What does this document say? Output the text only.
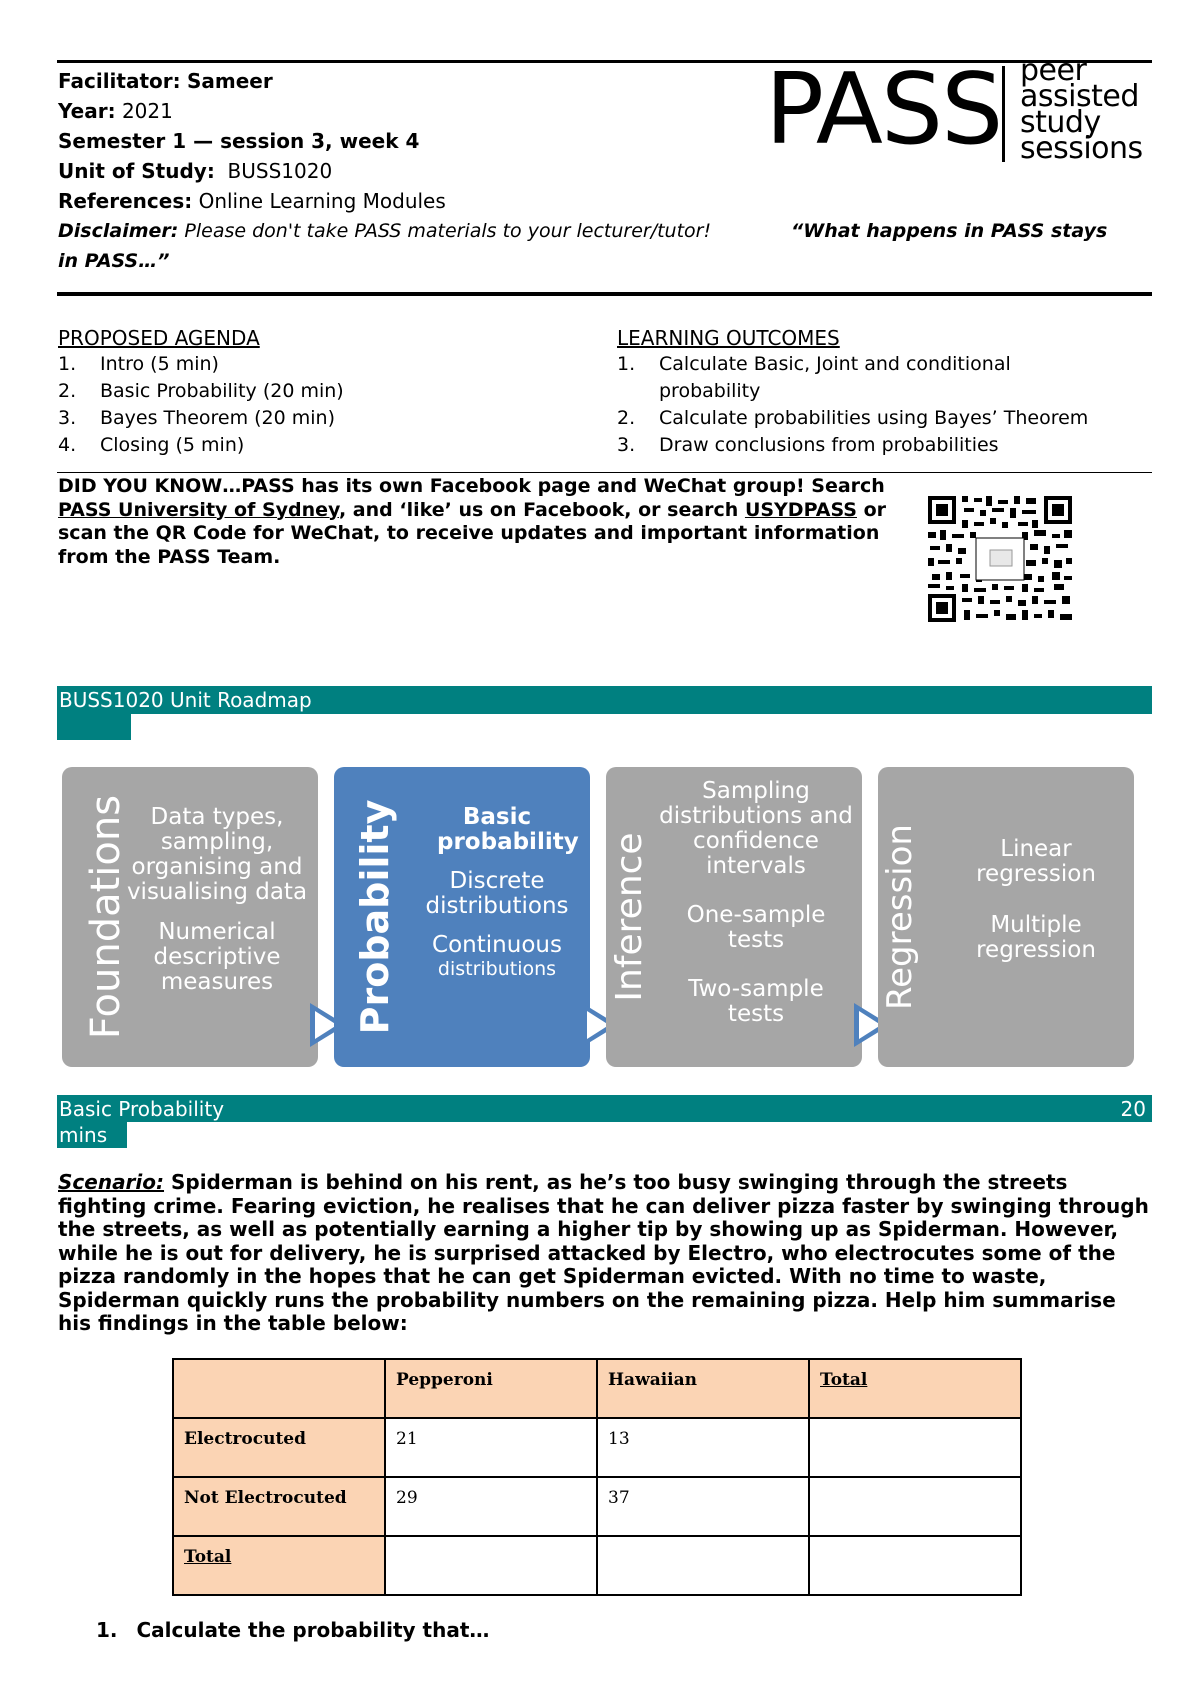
Facilitator: Sameer
Year: 2021
Semester 1 — session 3, week 4
Unit of Study: BUSS1020
References: Online Learning Modules
Disclaimer: Please don't take PASS materials to your lecturer/tutor!	“What happens in PASS stays
in PASS…”
PASS peer
assisted
study
sessions
PROPOSED AGENDA
1. Intro (5 min)
2. Basic Probability (20 min)
3. Bayes Theorem (20 min)
4. Closing (5 min)
LEARNING OUTCOMES
1. Calculate Basic, Joint and conditional probability
2. Calculate probabilities using Bayes’ Theorem
3. Draw conclusions from probabilities
DID YOU KNOW…PASS has its own Facebook page and WeChat group! Search PASS University of Sydney, and ‘like’ us on Facebook, or search USYDPASS or scan the QR Code for WeChat, to receive updates and important information from the PASS Team.
BUSS1020 Unit Roadmap
Foundations Data types, sampling, organising and visualising data

Numerical descriptive measures	Probability	Basic probability

Discrete distributions

Continuous

distributions	Inference

Sampling distributions and confidence intervals

One-sample tests

Two-sample tests

Regression	Linear regression

Multiple regression

Basic Probability	20
mins
Scenario: Spiderman is behind on his rent, as he’s too busy swinging through the streets fighting crime. Fearing eviction, he realises that he can deliver pizza faster by swinging through the streets, as well as potentially earning a higher tip by showing up as Spiderman. However, while he is out for delivery, he is surprised attacked by Electro, who electrocutes some of the pizza randomly in the hopes that he can get Spiderman evicted. With no time to waste, Spiderman quickly runs the probability numbers on the remaining pizza. Help him summarise his findings in the table below:
	Pepperoni	Hawaiian	Total
Electrocuted	21	13	
Not Electrocuted	29	37	
Total			
1. Calculate the probability that…
